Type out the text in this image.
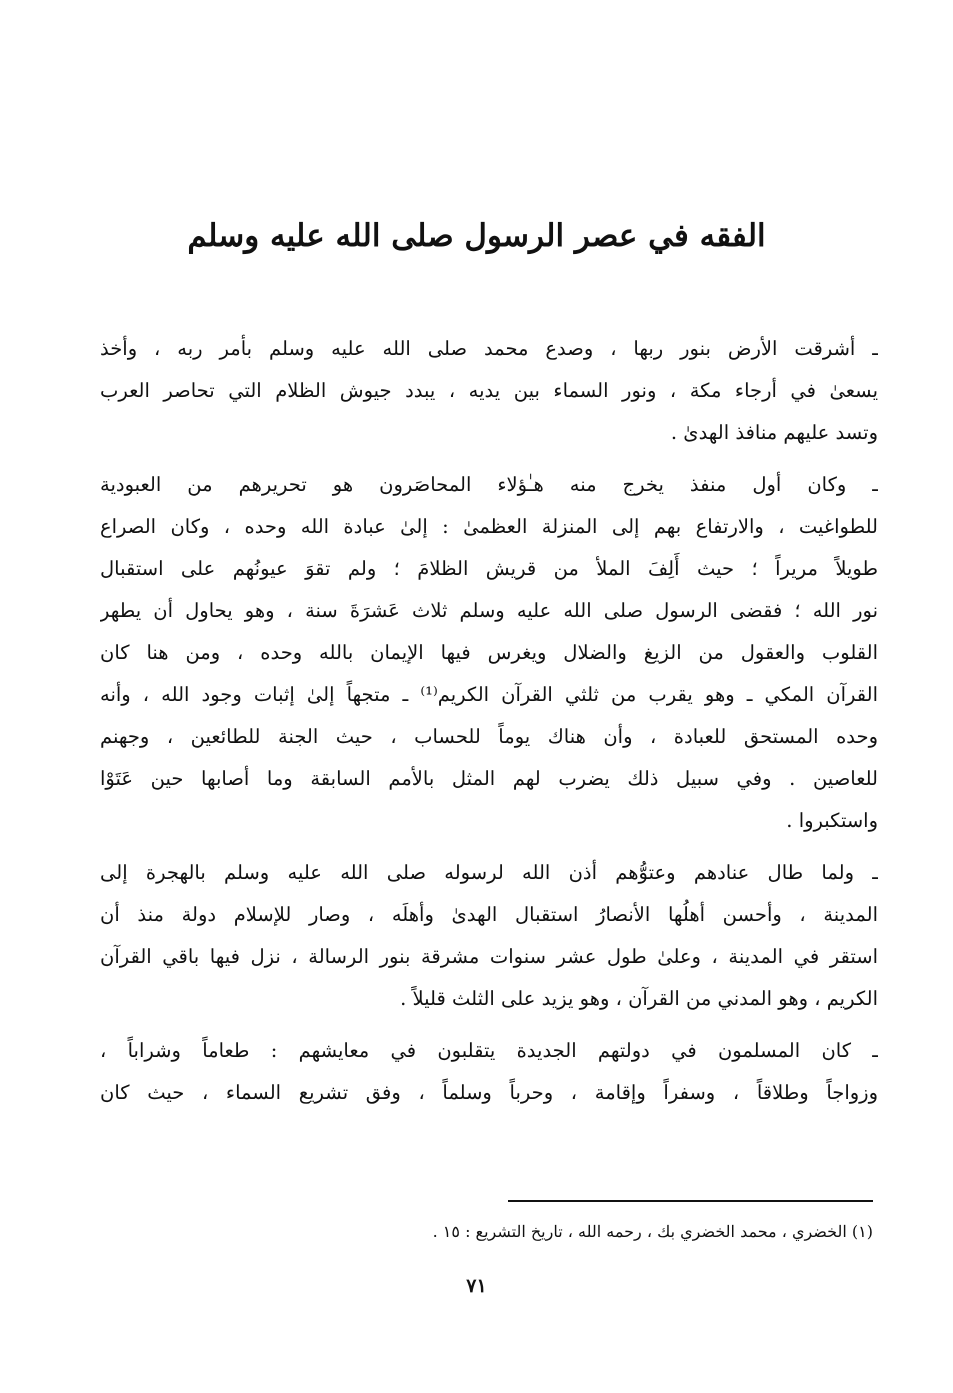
الفقه في عصر الرسول صلى الله عليه وسلم
ـ أشرقت الأرض بنور ربها ، وصدع محمد صلى الله عليه وسلم بأمر ربه ، وأخذ
يسعىٰ في أرجاء مكة ، ونور السماء بين يديه ، يبدد جيوش الظلام التي تحاصر العرب
وتسد عليهم منافذ الهدىٰ .
ـ وكان أول منفذ يخرج منه هـٰؤلاء المحاصَرون هو تحريرهم من العبودية
للطواغيت ، والارتفاع بهم إلى المنزلة العظمىٰ : إلىٰ عبادة الله وحده ، وكان الصراع
طويلاً مريراً ؛ حيث أَلِفَ الملأ من قريش الظلامَ ؛ ولم تقوَ عيونُهم على استقبال
نور الله ؛ فقضى الرسول صلى الله عليه وسلم ثلاث عَشرَةَ سنة ، وهو يحاول أن يطهر
القلوب والعقول من الزيغ والضلال ويغرس فيها الإيمان بالله وحده ، ومن هنا كان
القرآن المكي ـ وهو يقرب من ثلثي القرآن الكريم⁽¹⁾ ـ متجهاً إلىٰ إثبات وجود الله ، وأنه
وحده المستحق للعبادة ، وأن هناك يوماً للحساب ، حيث الجنة للطائعين ، وجهنم
للعاصين . وفي سبيل ذلك يضرب لهم المثل بالأمم السابقة وما أصابها حين عَتَوْا
واستكبروا .
ـ ولما طال عنادهم وعتوُّهم أذن الله لرسوله صلى الله عليه وسلم بالهجرة إلى
المدينة ، وأحسن أهلُها الأنصارُ استقبال الهدىٰ وأهلَه ، وصار للإسلام دولة منذ أن
استقر في المدينة ، وعلىٰ طول عشر سنوات مشرقة بنور الرسالة ، نزل فيها باقي القرآن
الكريم ، وهو المدني من القرآن ، وهو يزيد على الثلث قليلاً .
ـ كان المسلمون في دولتهم الجديدة يتقلبون في معايشهم : طعاماً وشراباً ،
وزواجاً وطلاقاً ، وسفراً وإقامة ، وحرباً وسلماً ، وفق تشريع السماء ، حيث كان
(١) الخضري ، محمد الخضري بك ، رحمه الله ، تاريخ التشريع : ١٥ .
٧١
